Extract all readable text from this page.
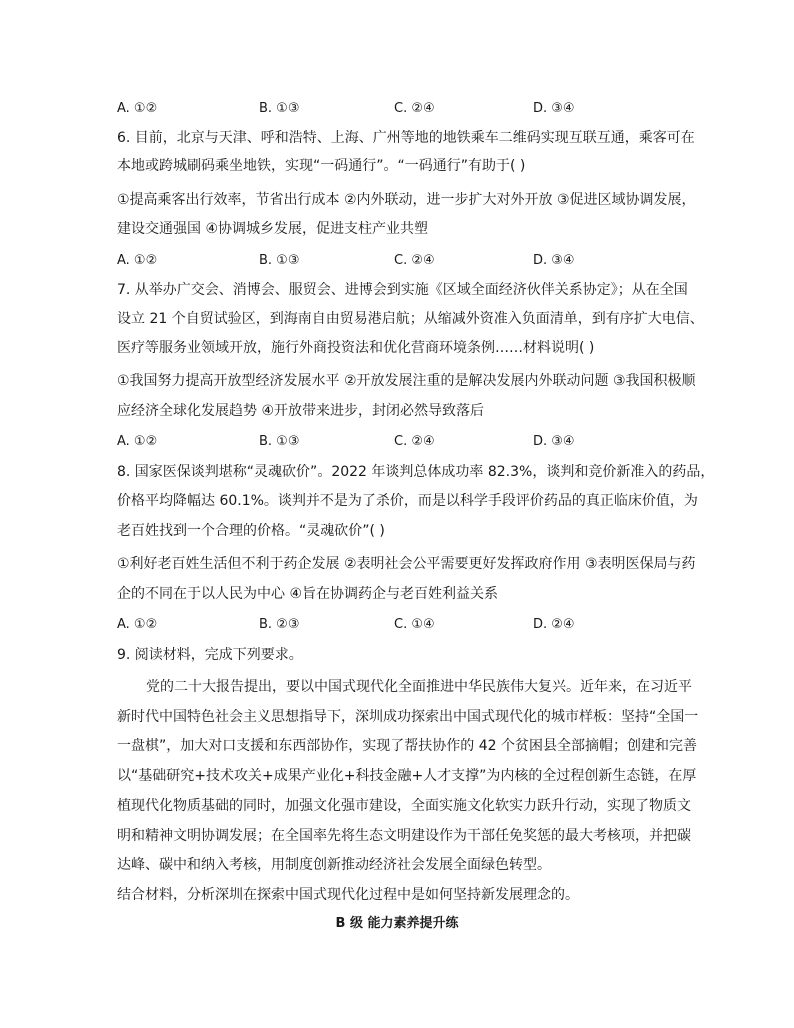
A. ①②	B. ①③	C. ②④	D. ③④
6. 目前，北京与天津、呼和浩特、上海、广州等地的地铁乘车二维码实现互联互通，乘客可在
本地或跨城刷码乘坐地铁，实现“一码通行”。“一码通行”有助于( )
①提高乘客出行效率，节省出行成本 ②内外联动，进一步扩大对外开放 ③促进区域协调发展，
建设交通强国 ④协调城乡发展，促进支柱产业共塑
A. ①②	B. ①③	C. ②④	D. ③④
7. 从举办广交会、消博会、服贸会、进博会到实施《区域全面经济伙伴关系协定》；从在全国
设立 21 个自贸试验区，到海南自由贸易港启航；从缩减外资准入负面清单，到有序扩大电信、
医疗等服务业领域开放，施行外商投资法和优化营商环境条例……材料说明( )
①我国努力提高开放型经济发展水平 ②开放发展注重的是解决发展内外联动问题 ③我国积极顺
应经济全球化发展趋势 ④开放带来进步，封闭必然导致落后
A. ①②	B. ①③	C. ②④	D. ③④
8. 国家医保谈判堪称“灵魂砍价”。2022 年谈判总体成功率 82.3%，谈判和竞价新准入的药品，
价格平均降幅达 60.1%。谈判并不是为了杀价，而是以科学手段评价药品的真正临床价值，为
老百姓找到一个合理的价格。“灵魂砍价”( )
①利好老百姓生活但不利于药企发展 ②表明社会公平需要更好发挥政府作用 ③表明医保局与药
企的不同在于以人民为中心 ④旨在协调药企与老百姓利益关系
A. ①②	B. ②③	C. ①④	D. ②④
9. 阅读材料，完成下列要求。
党的二十大报告提出，要以中国式现代化全面推进中华民族伟大复兴。近年来，在习近平
新时代中国特色社会主义思想指导下，深圳成功探索出中国式现代化的城市样板：坚持“全国一
一盘棋”，加大对口支援和东西部协作，实现了帮扶协作的 42 个贫困县全部摘帽；创建和完善
以“基础研究+技术攻关+成果产业化+科技金融+人才支撑”为内核的全过程创新生态链，在厚
植现代化物质基础的同时，加强文化强市建设，全面实施文化软实力跃升行动，实现了物质文
明和精神文明协调发展；在全国率先将生态文明建设作为干部任免奖惩的最大考核项，并把碳
达峰、碳中和纳入考核，用制度创新推动经济社会发展全面绿色转型。
结合材料，分析深圳在探索中国式现代化过程中是如何坚持新发展理念的。
B 级 能力素养提升练
